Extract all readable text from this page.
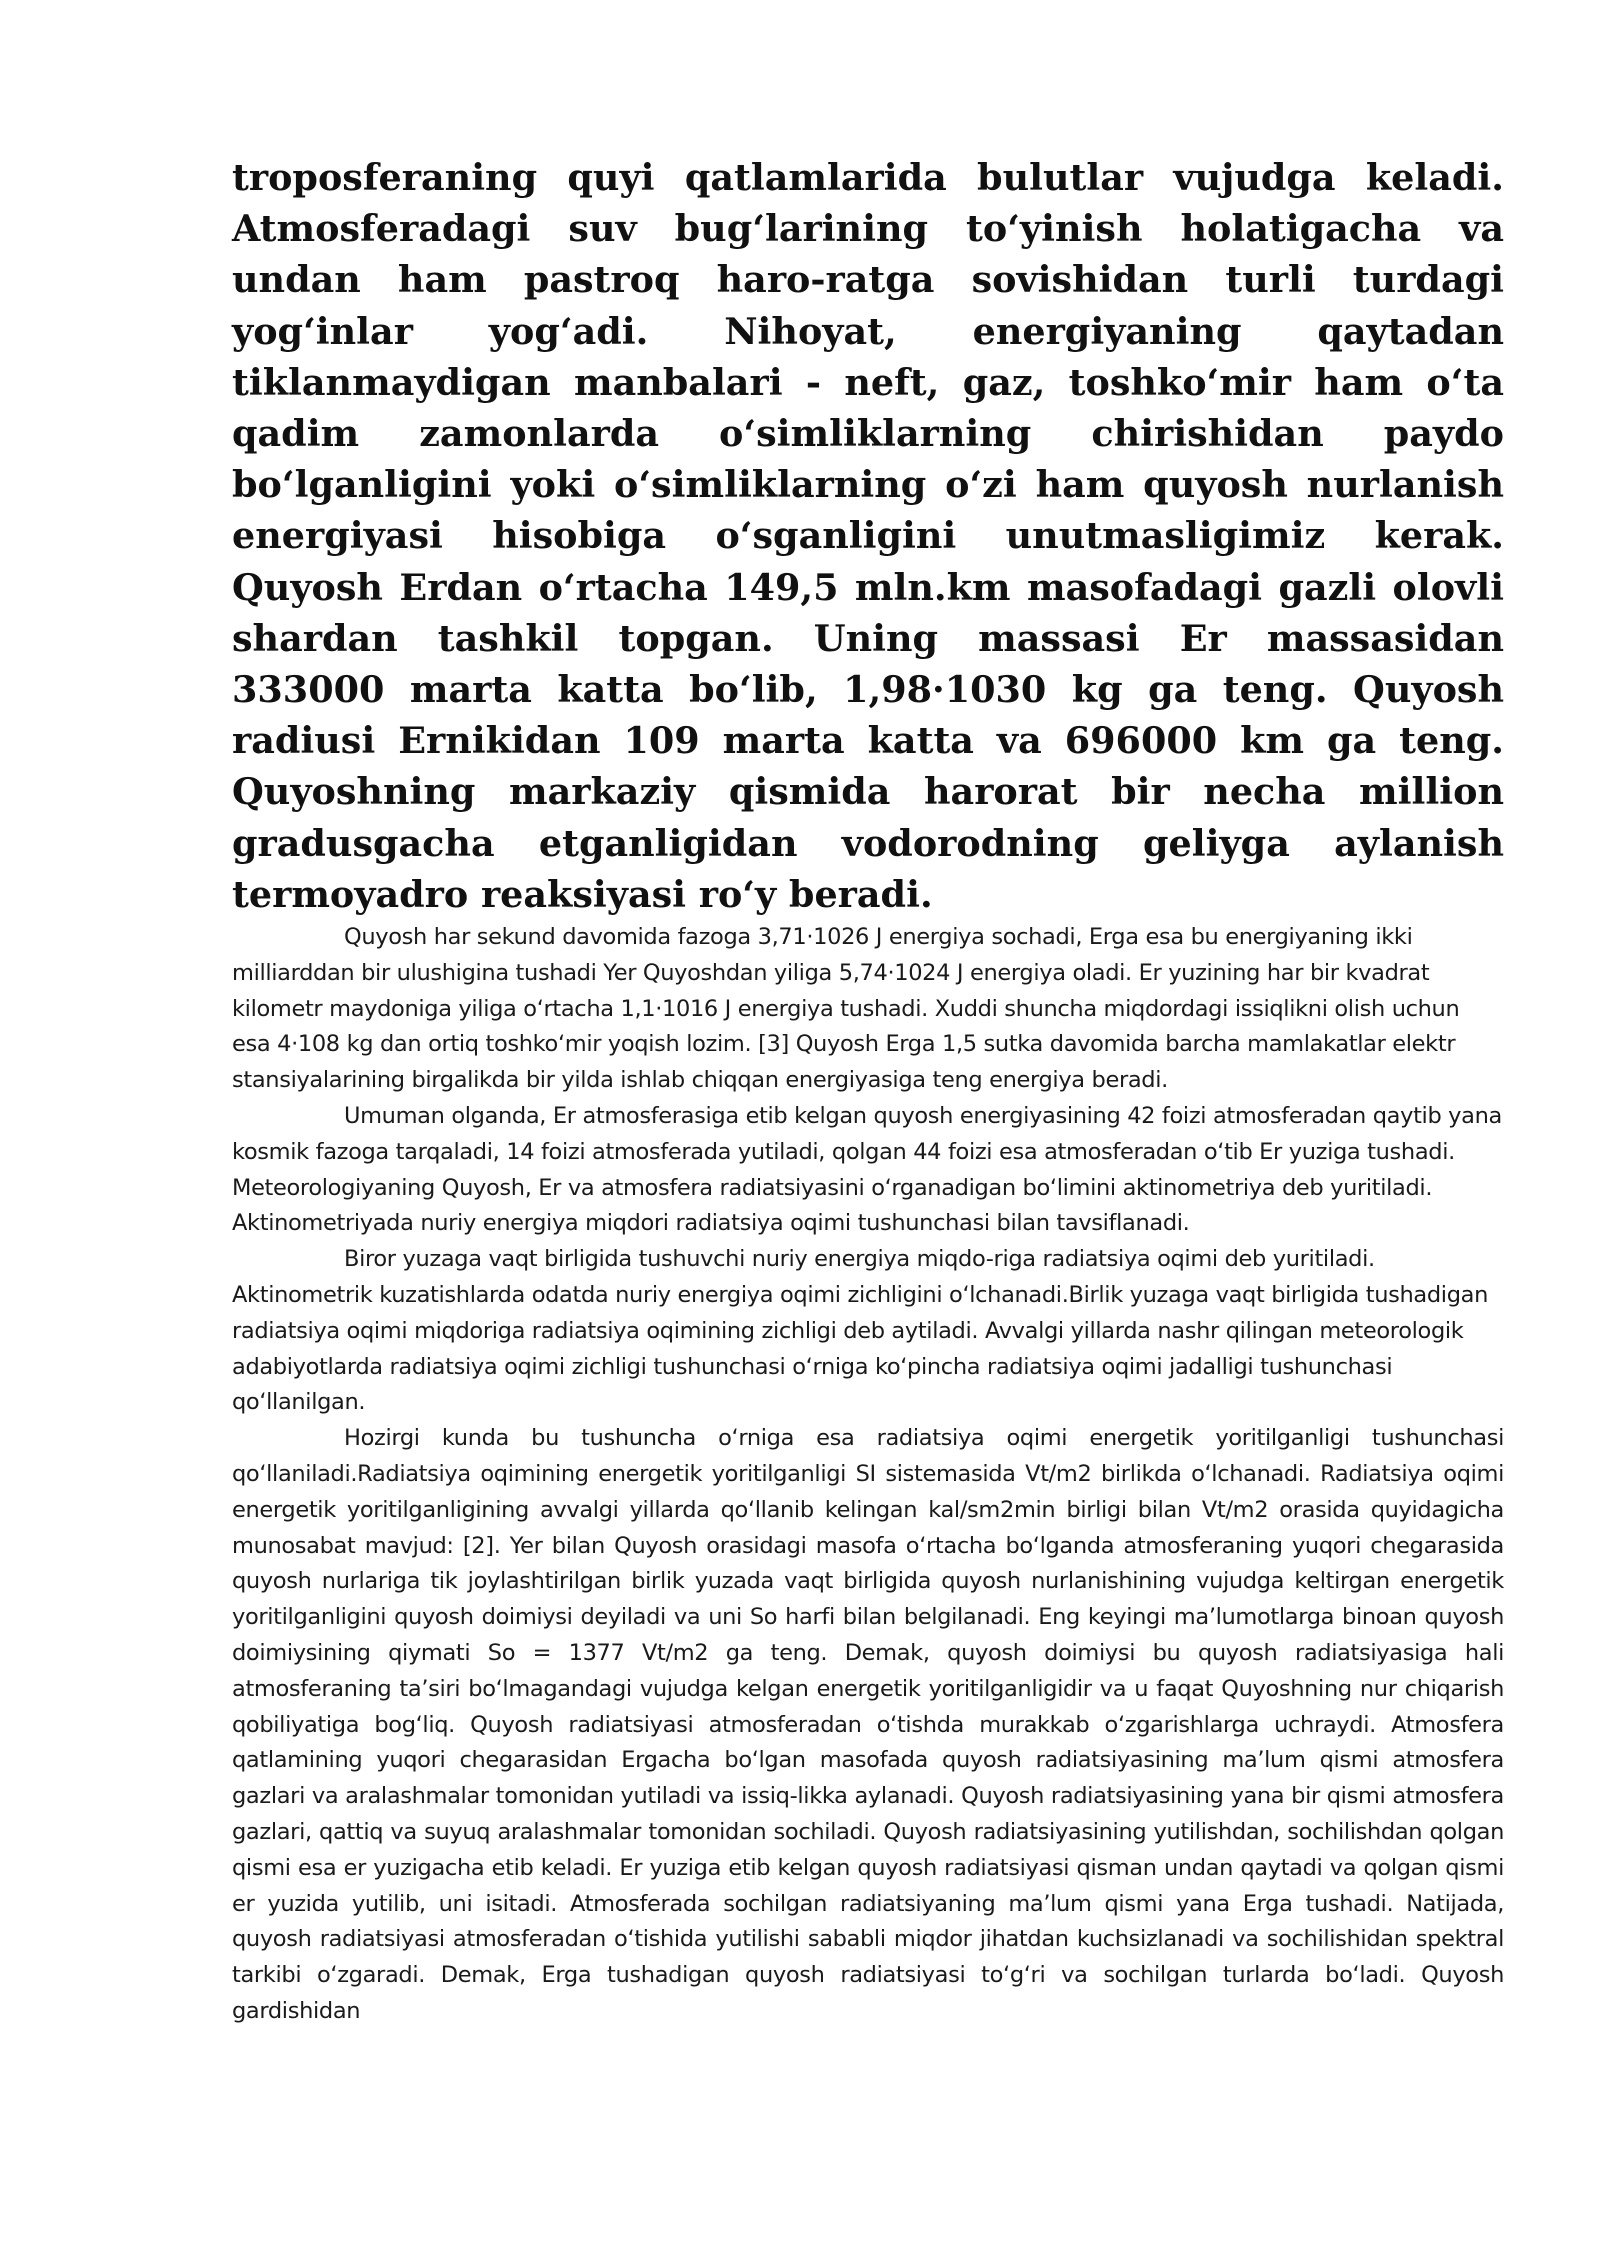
troposferaning quyi qatlamlarida bulutlar vujudga keladi. Atmosferadagi suv bug‘larining to‘yinish holatigacha va undan ham pastroq haro-ratga sovishidan turli turdagi yog‘inlar yog‘adi. Nihoyat, energiyaning qaytadan tiklanmaydigan manbalari - neft, gaz, toshko‘mir ham o‘ta qadim zamonlarda o‘simliklarning chirishidan paydo bo‘lganligini yoki o‘simliklarning o‘zi ham quyosh nurlanish energiyasi hisobiga o‘sganligini unutmasligimiz kerak. Quyosh Erdan o‘rtacha 149,5 mln.km masofadagi gazli olovli shardan tashkil topgan. Uning massasi Er massasidan 333000 marta katta bo‘lib, 1,98·1030 kg ga teng. Quyosh radiusi Ernikidan 109 marta katta va 696000 km ga teng. Quyoshning markaziy qismida harorat bir necha million gradusgacha etganligidan vodorodning geliyga aylanish termoyadro reaksiyasi ro‘y beradi.

Quyosh har sekund davomida fazoga 3,71·1026 J energiya sochadi, Erga esa bu energiyaning ikki milliarddan bir ulushigina tushadi Yer Quyoshdan yiliga 5,74·1024 J energiya oladi. Er yuzining har bir kvadrat kilometr maydoniga yiliga o‘rtacha 1,1·1016 J energiya tushadi. Xuddi shuncha miqdordagi issiqlikni olish uchun esa 4·108 kg dan ortiq toshko‘mir yoqish lozim. [3] Quyosh Erga 1,5 sutka davomida barcha mamlakatlar elektr stansiyalarining birgalikda bir yilda ishlab chiqqan energiyasiga teng energiya beradi.

Umuman olganda, Er atmosferasiga etib kelgan quyosh energiyasining 42 foizi atmosferadan qaytib yana kosmik fazoga tarqaladi, 14 foizi atmosferada yutiladi, qolgan 44 foizi esa atmosferadan o‘tib Er yuziga tushadi. Meteorologiyaning Quyosh, Er va atmosfera radiatsiyasini o‘rganadigan bo‘limini aktinometriya deb yuritiladi. Aktinometriyada nuriy energiya miqdori radiatsiya oqimi tushunchasi bilan tavsiflanadi.

Biror yuzaga vaqt birligida tushuvchi nuriy energiya miqdo-riga radiatsiya oqimi deb yuritiladi. Aktinometrik kuzatishlarda odatda nuriy energiya oqimi zichligini o‘lchanadi.Birlik yuzaga vaqt birligida tushadigan radiatsiya oqimi miqdoriga radiatsiya oqimining zichligi deb aytiladi. Avvalgi yillarda nashr qilingan meteorologik adabiyotlarda radiatsiya oqimi zichligi tushunchasi o‘rniga ko‘pincha radiatsiya oqimi jadalligi tushunchasi qo‘llanilgan.

Hozirgi kunda bu tushuncha o‘rniga esa radiatsiya oqimi energetik yoritilganligi tushunchasi qo‘llaniladi.Radiatsiya oqimining energetik yoritilganligi SI sistemasida Vt/m2 birlikda o‘lchanadi. Radiatsiya oqimi energetik yoritilganligining avvalgi yillarda qo‘llanib kelingan kal/sm2min birligi bilan Vt/m2 orasida quyidagicha munosabat mavjud: [2]. Yer bilan Quyosh orasidagi masofa o‘rtacha bo‘lganda atmosferaning yuqori chegarasida quyosh nurlariga tik joylashtirilgan birlik yuzada vaqt birligida quyosh nurlanishining vujudga keltirgan energetik yoritilganligini quyosh doimiysi deyiladi va uni So harfi bilan belgilanadi. Eng keyingi ma’lumotlarga binoan quyosh doimiysining qiymati So = 1377 Vt/m2 ga teng. Demak, quyosh doimiysi bu quyosh radiatsiyasiga hali atmosferaning ta’siri bo‘lmagandagi vujudga kelgan energetik yoritilganligidir va u faqat Quyoshning nur chiqarish qobiliyatiga bog‘liq. Quyosh radiatsiyasi atmosferadan o‘tishda murakkab o‘zgarishlarga uchraydi. Atmosfera qatlamining yuqori chegarasidan Ergacha bo‘lgan masofada quyosh radiatsiyasining ma’lum qismi atmosfera gazlari va aralashmalar tomonidan yutiladi va issiq-likka aylanadi. Quyosh radiatsiyasining yana bir qismi atmosfera gazlari, qattiq va suyuq aralashmalar tomonidan sochiladi. Quyosh radiatsiyasining yutilishdan, sochilishdan qolgan qismi esa er yuzigacha etib keladi. Er yuziga etib kelgan quyosh radiatsiyasi qisman undan qaytadi va qolgan qismi er yuzida yutilib, uni isitadi. Atmosferada sochilgan radiatsiyaning ma’lum qismi yana Erga tushadi. Natijada, quyosh radiatsiyasi atmosferadan o‘tishida yutilishi sababli miqdor jihatdan kuchsizlanadi va sochilishidan spektral tarkibi o‘zgaradi. Demak, Erga tushadigan quyosh radiatsiyasi to‘g‘ri va sochilgan turlarda bo‘ladi. Quyosh gardishidan
